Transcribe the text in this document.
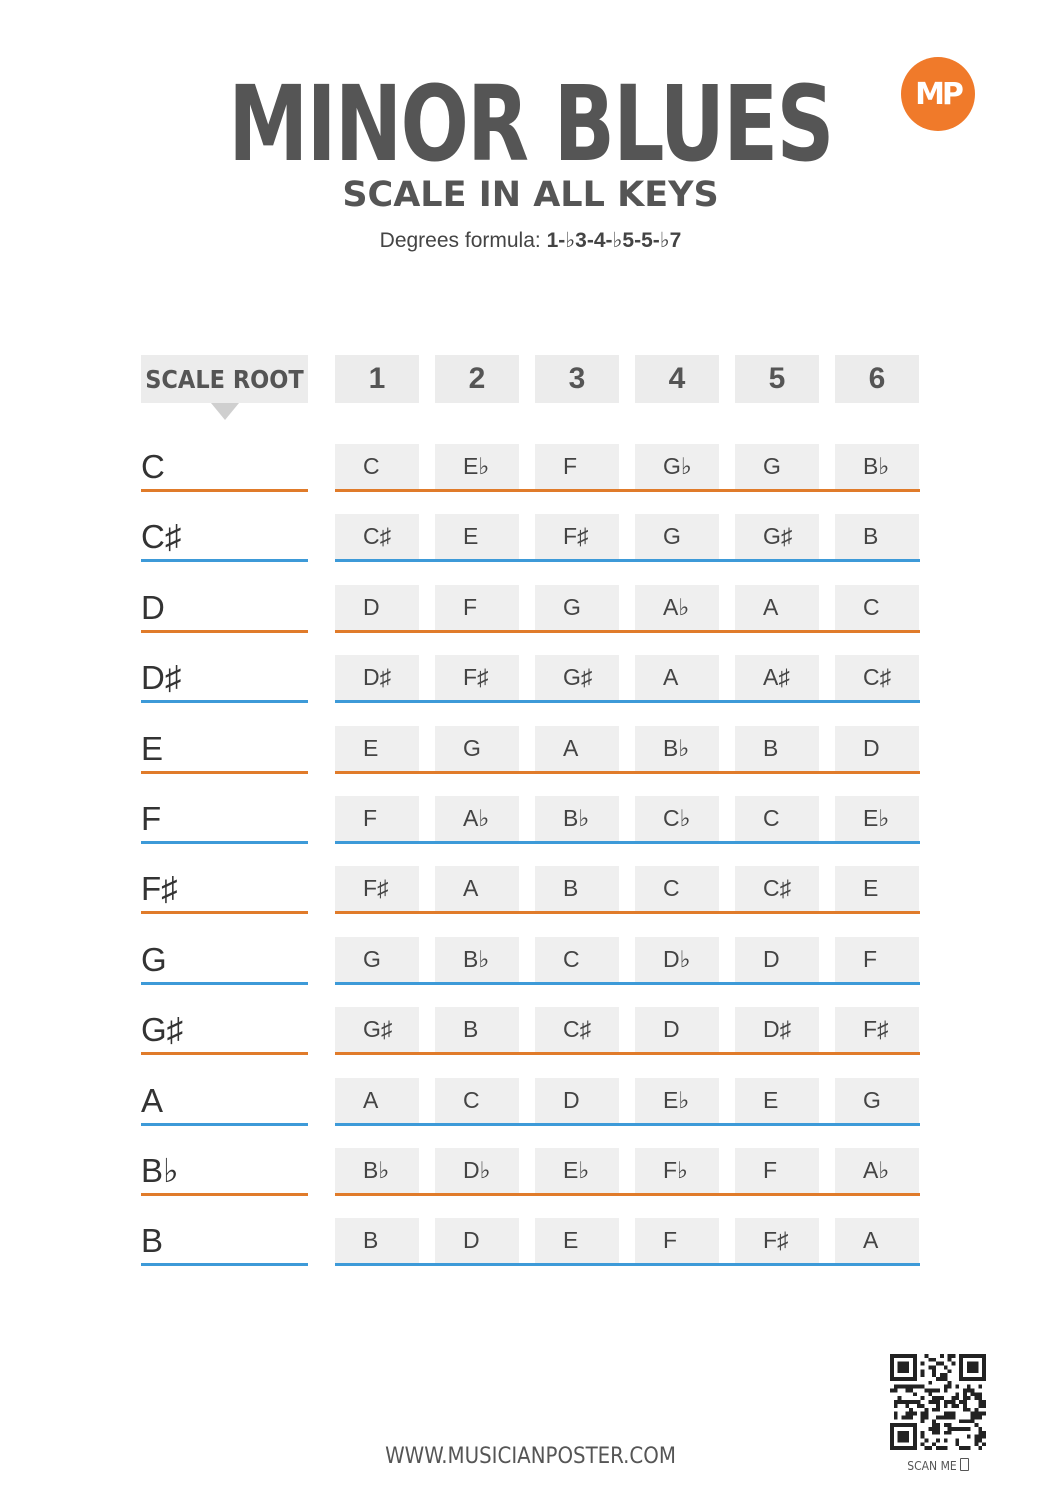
MINOR BLUES
SCALE IN ALL KEYS
Degrees formula: 1-♭3-4-♭5-5-♭7
MP
SCALE ROOT	1	2	3	4	5	6
C	C	E♭	F	G♭	G	B♭
C♯	C♯	E	F♯	G	G♯	B
D	D	F	G	A♭	A	C
D♯	D♯	F♯	G♯	A	A♯	C♯
E	E	G	A	B♭	B	D
F	F	A♭	B♭	C♭	C	E♭
F♯	F♯	A	B	C	C♯	E
G	G	B♭	C	D♭	D	F
G♯	G♯	B	C♯	D	D♯	F♯
A	A	C	D	E♭	E	G
B♭	B♭	D♭	E♭	F♭	F	A♭
B	B	D	E	F	F♯	A
WWW.MUSICIANPOSTER.COM	SCAN ME
